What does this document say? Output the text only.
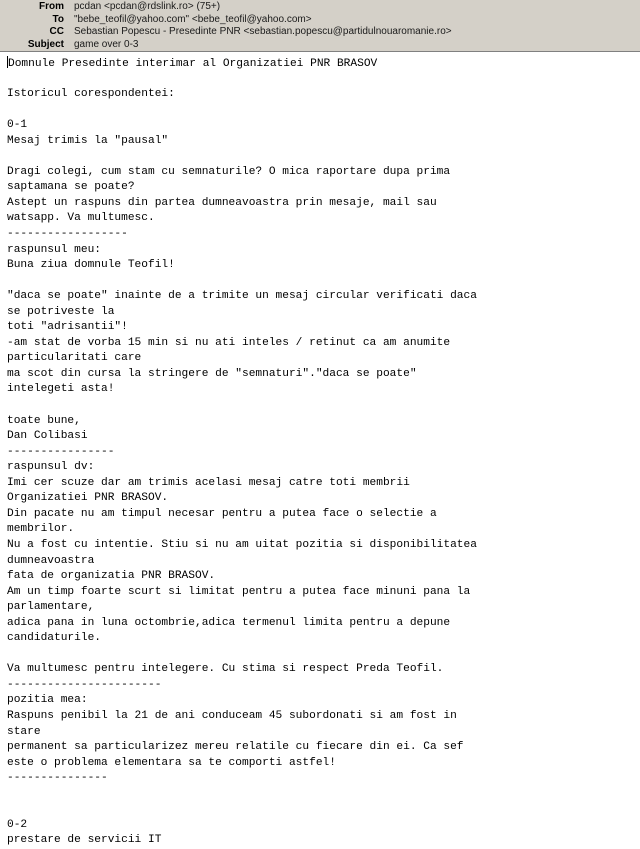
From	pcdan <pcdan@rdslink.ro> (75+)
To	"bebe_teofil@yahoo.com" <bebe_teofil@yahoo.com>
CC	Sebastian Popescu - Presedinte PNR <sebastian.popescu@partidulnouaromanie.ro>
Subject	game over 0-3
Domnule Presedinte interimar al Organizatiei PNR BRASOV
Istoricul corespondentei:
0-1
Mesaj trimis la "pausal"
Dragi colegi, cum stam cu semnaturile? O mica raportare dupa prima
saptamana se poate?
Astept un raspuns din partea dumneavoastra prin mesaje, mail sau
watsapp. Va multumesc.
------------------
raspunsul meu:
Buna ziua domnule Teofil!
"daca se poate" inainte de a trimite un mesaj circular verificati daca
se potriveste la
toti "adrisantii"!
-am stat de vorba 15 min si nu ati inteles / retinut ca am anumite
particularitati care
ma scot din cursa la stringere de "semnaturi"."daca se poate"
intelegeti asta!
toate bune,
Dan Colibasi
----------------
raspunsul dv:
Imi cer scuze dar am trimis acelasi mesaj catre toti membrii
Organizatiei PNR BRASOV.
Din pacate nu am timpul necesar pentru a putea face o selectie a
membrilor.
Nu a fost cu intentie. Stiu si nu am uitat pozitia si disponibilitatea
dumneavoastra
fata de organizatia PNR BRASOV.
Am un timp foarte scurt si limitat pentru a putea face minuni pana la
parlamentare,
adica pana in luna octombrie,adica termenul limita pentru a depune
candidaturile.
Va multumesc pentru intelegere. Cu stima si respect Preda Teofil.
-----------------------
pozitia mea:
Raspuns penibil la 21 de ani conduceam 45 subordonati si am fost in
stare
permanent sa particularizez mereu relatile cu fiecare din ei. Ca sef
este o problema elementara sa te comporti astfel!
---------------
0-2
prestare de servicii IT
